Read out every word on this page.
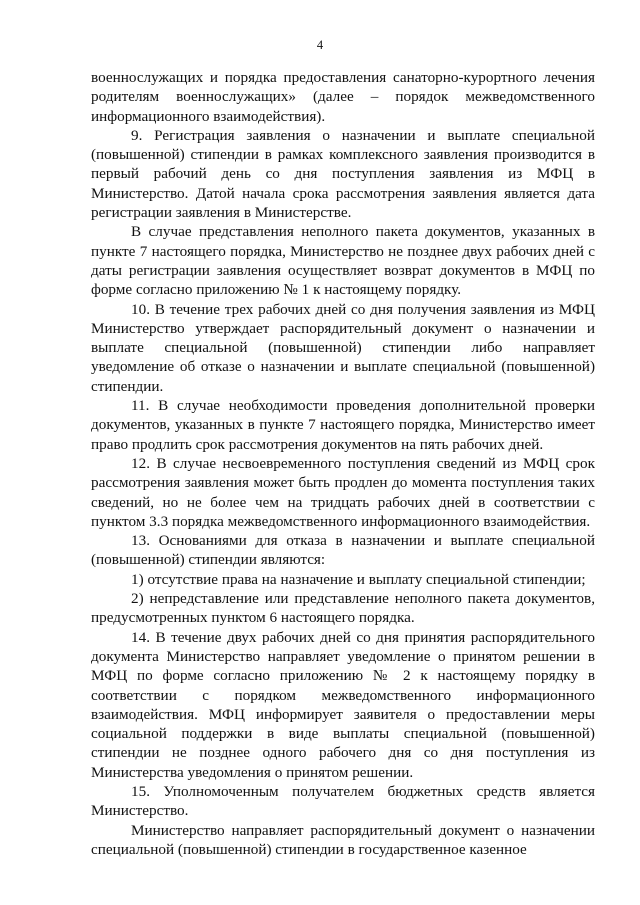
4

военнослужащих и порядка предоставления санаторно-курортного лечения родителям военнослужащих» (далее – порядок межведомственного информационного взаимодействия).

9. Регистрация заявления о назначении и выплате специальной (повышенной) стипендии в рамках комплексного заявления производится в первый рабочий день со дня поступления заявления из МФЦ в Министерство. Датой начала срока рассмотрения заявления является дата регистрации заявления в Министерстве.

В случае представления неполного пакета документов, указанных в пункте 7 настоящего порядка, Министерство не позднее двух рабочих дней с даты регистрации заявления осуществляет возврат документов в МФЦ по форме согласно приложению № 1 к настоящему порядку.

10. В течение трех рабочих дней со дня получения заявления из МФЦ Министерство утверждает распорядительный документ о назначении и выплате специальной (повышенной) стипендии либо направляет уведомление об отказе о назначении и выплате специальной (повышенной) стипендии.

11. В случае необходимости проведения дополнительной проверки документов, указанных в пункте 7 настоящего порядка, Министерство имеет право продлить срок рассмотрения документов на пять рабочих дней.

12. В случае несвоевременного поступления сведений из МФЦ срок рассмотрения заявления может быть продлен до момента поступления таких сведений, но не более чем на тридцать рабочих дней в соответствии с пунктом 3.3 порядка межведомственного информационного взаимодействия.

13. Основаниями для отказа в назначении и выплате специальной (повышенной) стипендии являются:

1) отсутствие права на назначение и выплату специальной стипендии;

2) непредставление или представление неполного пакета документов, предусмотренных пунктом 6 настоящего порядка.

14. В течение двух рабочих дней со дня принятия распорядительного документа Министерство направляет уведомление о принятом решении в МФЦ по форме согласно приложению № 2 к настоящему порядку в соответствии с порядком межведомственного информационного взаимодействия. МФЦ информирует заявителя о предоставлении меры социальной поддержки в виде выплаты специальной (повышенной) стипендии не позднее одного рабочего дня со дня поступления из Министерства уведомления о принятом решении.

15. Уполномоченным получателем бюджетных средств является Министерство.

Министерство направляет распорядительный документ о назначении специальной (повышенной) стипендии в государственное казенное
